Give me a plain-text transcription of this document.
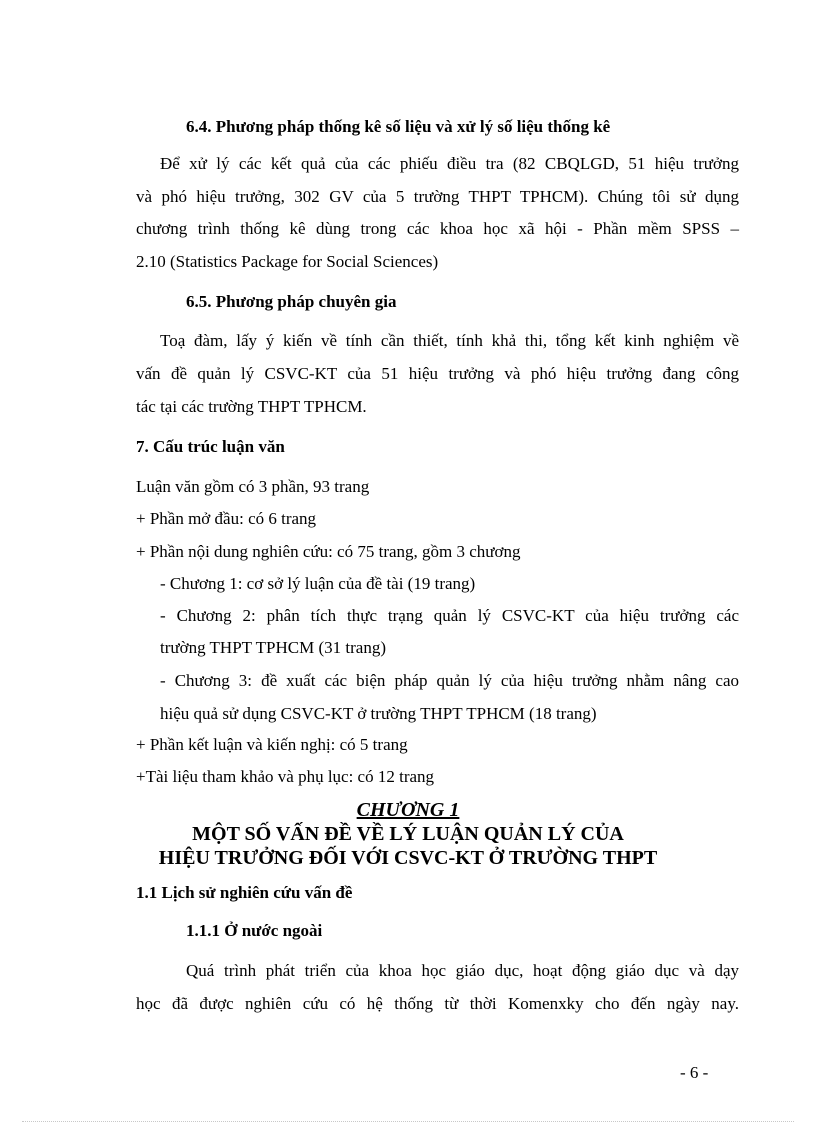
6.4. Phương pháp thống kê số liệu và xử lý số liệu thống kê
Để xử lý các kết quả của các phiếu điều tra (82 CBQLGD, 51 hiệu trưởng
và phó hiệu trưởng, 302 GV của 5 trường THPT TPHCM). Chúng tôi sử dụng
chương trình thống kê dùng trong các khoa học xã hội - Phần mềm SPSS –
2.10 (Statistics Package for Social Sciences)
6.5. Phương pháp chuyên gia
Toạ đàm, lấy ý kiến về tính cần thiết, tính khả thi, tổng kết kinh nghiệm về
vấn đề quản lý CSVC-KT của 51 hiệu trưởng và phó hiệu trưởng đang công
tác tại các trường THPT TPHCM.
7. Cấu trúc luận văn
Luận văn gồm có 3 phần, 93 trang
+ Phần mở đầu: có 6 trang
+ Phần nội dung nghiên cứu: có 75 trang, gồm 3 chương
- Chương 1: cơ sở lý luận của đề tài (19 trang)
- Chương 2: phân tích thực trạng quản lý CSVC-KT của hiệu trưởng các
trường THPT TPHCM (31 trang)
- Chương 3: đề xuất các biện pháp quản lý của hiệu trưởng nhằm nâng cao
hiệu quả sử dụng CSVC-KT ở trường THPT TPHCM (18 trang)
+ Phần kết luận và kiến nghị: có 5 trang
+Tài liệu tham khảo và phụ lục: có 12 trang
CHƯƠNG 1
MỘT SỐ VẤN ĐỀ VỀ LÝ LUẬN QUẢN LÝ CỦA
HIỆU TRƯỞNG ĐỐI VỚI CSVC-KT Ở TRƯỜNG THPT
1.1 Lịch sử nghiên cứu vấn đề
1.1.1 Ở nước ngoài
Quá trình phát triển của khoa học giáo dục, hoạt động giáo dục và dạy
học đã được nghiên cứu có hệ thống từ thời Komenxky cho đến ngày nay.
- 6 -
